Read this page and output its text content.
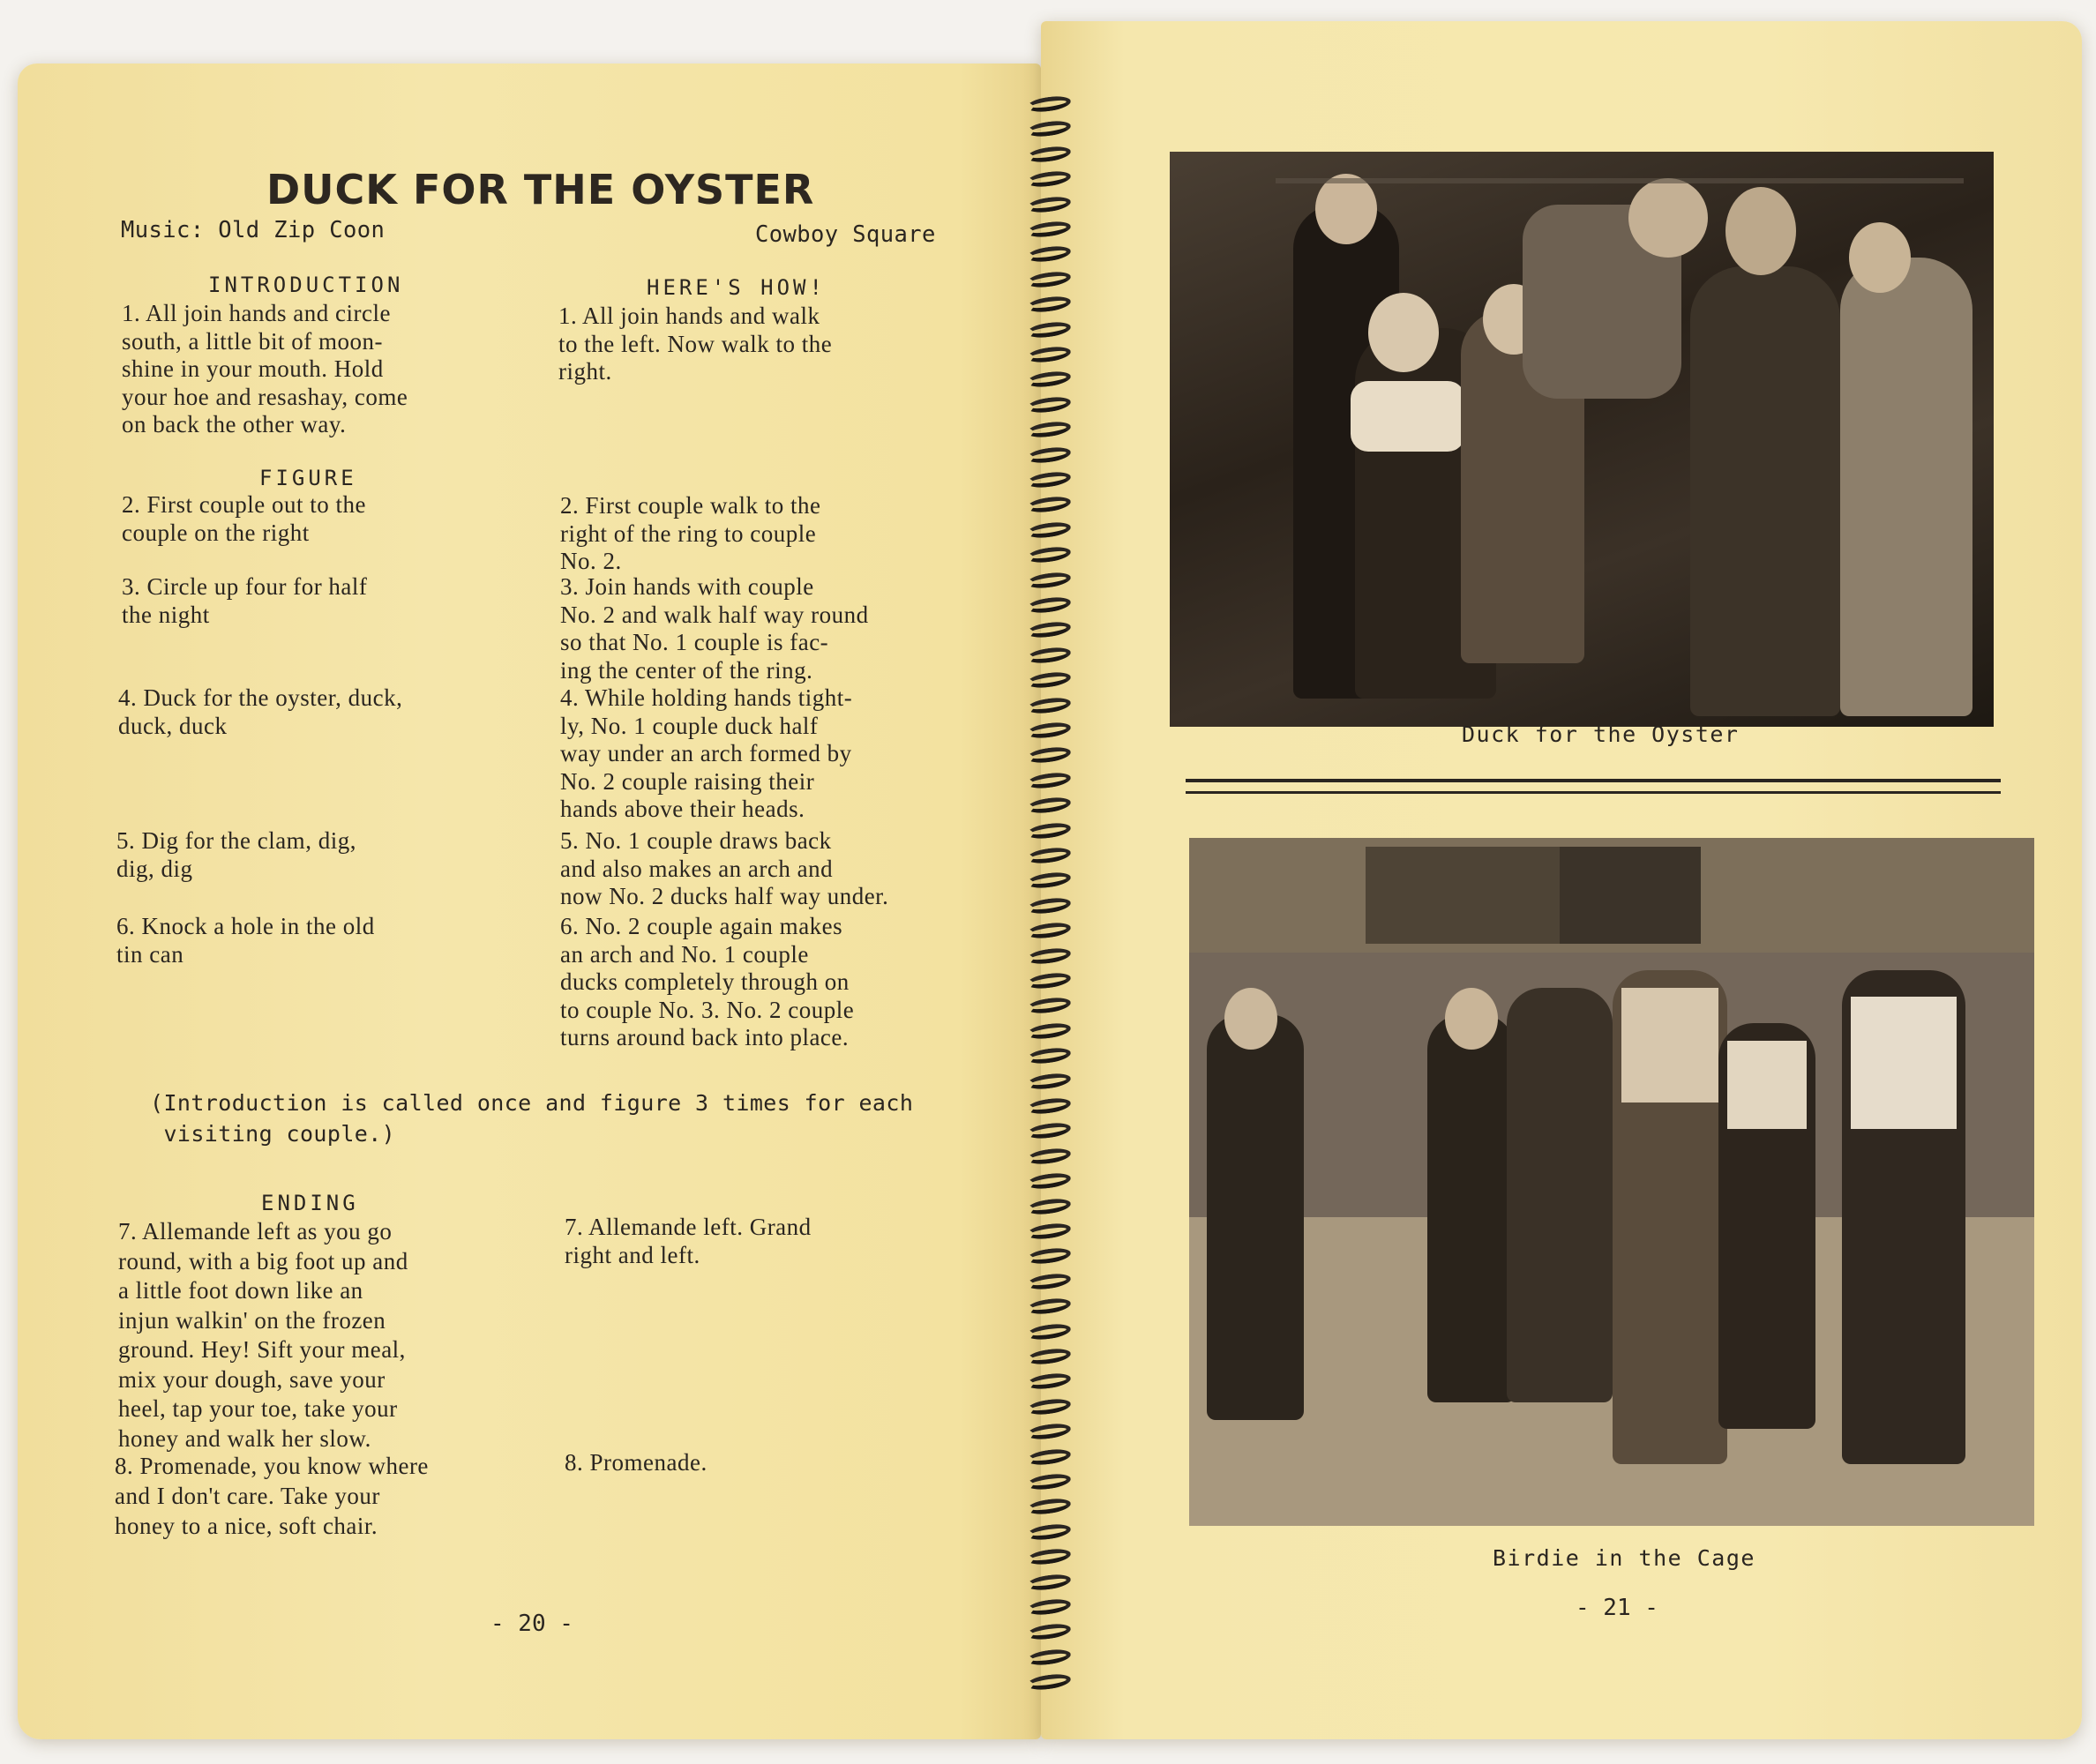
DUCK FOR THE OYSTER
Music: Old Zip Coon	Cowboy Square
INTRODUCTION	HERE'S HOW!
1. All join hands and circle
south, a little bit of moon-
shine in your mouth. Hold
your hoe and resashay, come
on back the other way.
1. All join hands and walk
to the left. Now walk to the
right.
FIGURE
2. First couple out to the
couple on the right
2. First couple walk to the
right of the ring to couple
No. 2.
3. Circle up four for half
the night
3. Join hands with couple
No. 2 and walk half way round
so that No. 1 couple is fac-
ing the center of the ring.
4. Duck for the oyster, duck,
duck, duck
4. While holding hands tight-
ly, No. 1 couple duck half
way under an arch formed by
No. 2 couple raising their
hands above their heads.
5. Dig for the clam, dig,
dig, dig
5. No. 1 couple draws back
and also makes an arch and
now No. 2 ducks half way under.
6. Knock a hole in the old
tin can
6. No. 2 couple again makes
an arch and No. 1 couple
ducks completely through on
to couple No. 3. No. 2 couple
turns around back into place.
(Introduction is called once and figure 3 times for each
visiting couple.)
ENDING
7. Allemande left as you go
round, with a big foot up and
a little foot down like an
injun walkin' on the frozen
ground. Hey! Sift your meal,
mix your dough, save your
heel, tap your toe, take your
honey and walk her slow.
7. Allemande left. Grand
right and left.
8. Promenade, you know where
and I don't care. Take your
honey to a nice, soft chair.
8. Promenade.
- 20 -
Duck for the Oyster
Birdie in the Cage
- 21 -
